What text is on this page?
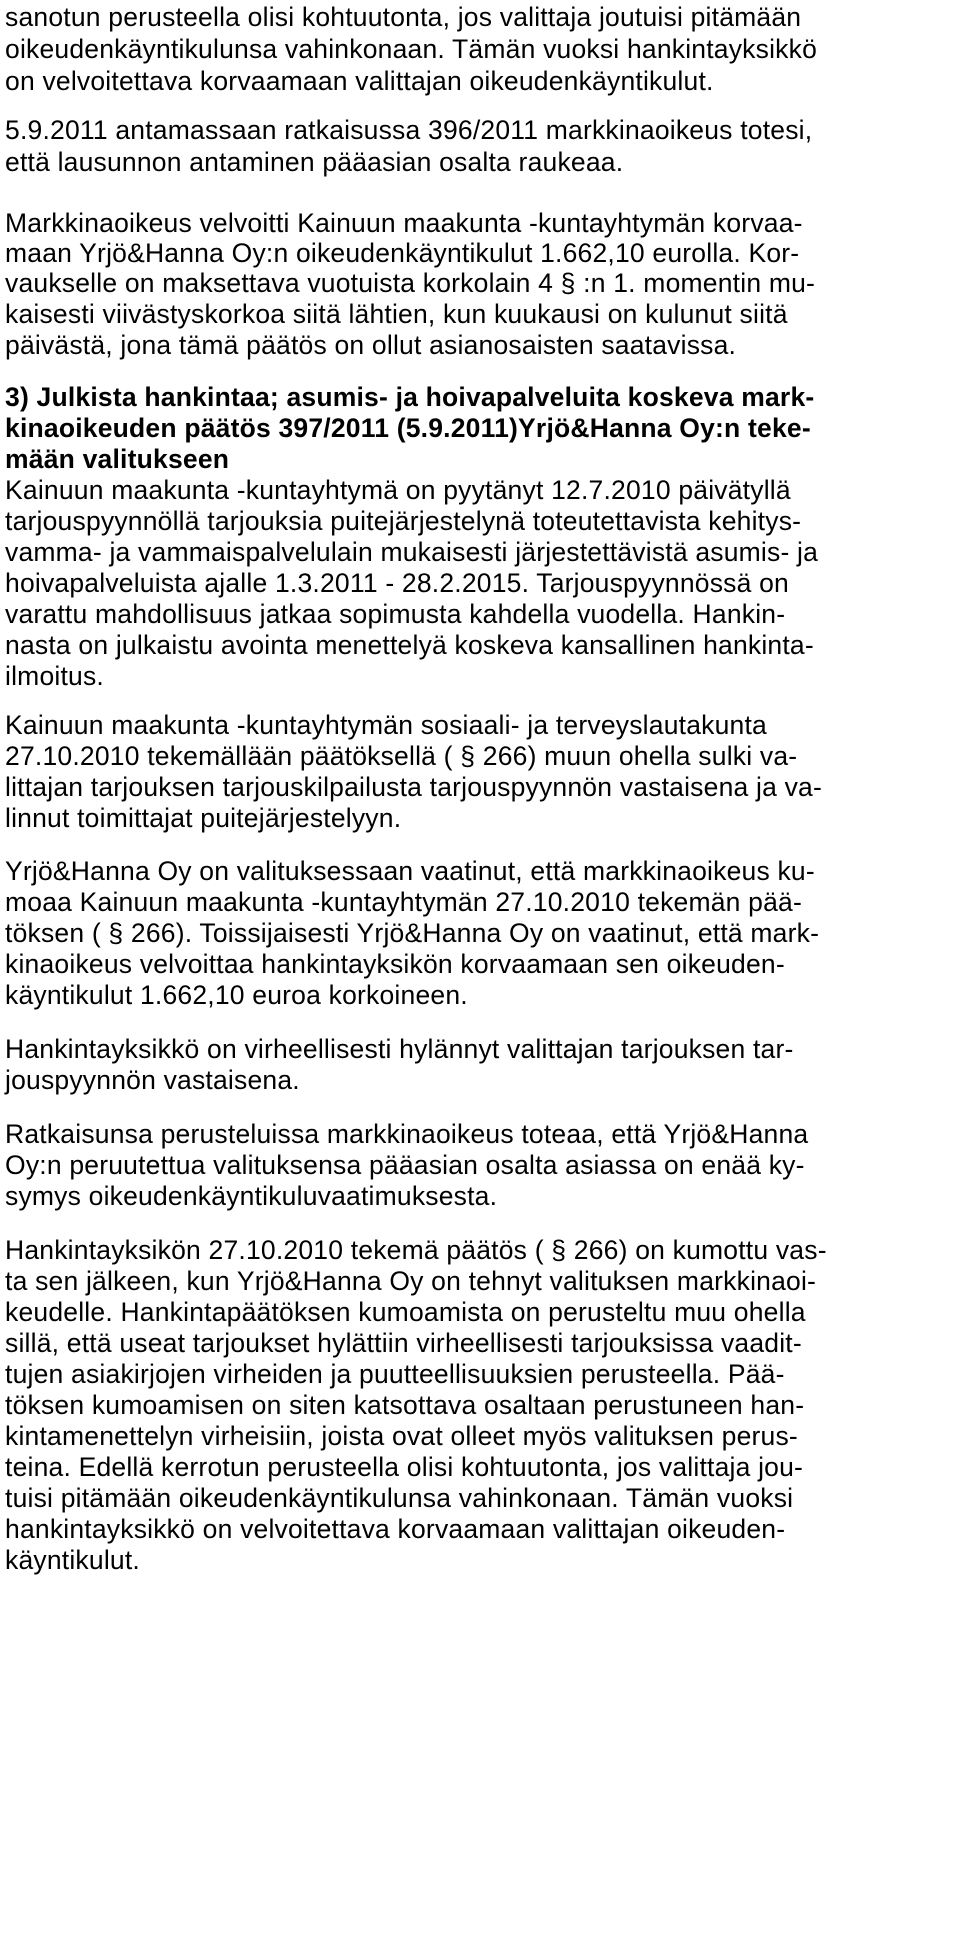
sanotun perusteella olisi kohtuutonta, jos valittaja joutuisi pitämään
oikeudenkäyntikulunsa vahinkonaan. Tämän vuoksi hankintayksikkö
on velvoitettava korvaamaan valittajan oikeudenkäyntikulut.
5.9.2011 antamassaan ratkaisussa 396/2011 markkinaoikeus totesi,
että lausunnon antaminen pääasian osalta raukeaa.
Markkinaoikeus velvoitti Kainuun maakunta -kuntayhtymän korvaa-
maan Yrjö&Hanna Oy:n oikeudenkäyntikulut 1.662,10 eurolla. Kor-
vaukselle on maksettava vuotuista korkolain 4 § :n 1. momentin mu-
kaisesti viivästyskorkoa siitä lähtien, kun kuukausi on kulunut siitä
päivästä, jona tämä päätös on ollut asianosaisten saatavissa.
3) Julkista hankintaa; asumis- ja hoivapalveluita koskeva mark-
kinaoikeuden päätös 397/2011 (5.9.2011)Yrjö&Hanna Oy:n teke-
mään valitukseen
Kainuun maakunta -kuntayhtymä on pyytänyt 12.7.2010 päivätyllä
tarjouspyynnöllä tarjouksia puitejärjestelynä toteutettavista kehitys-
vamma- ja vammaispalvelulain mukaisesti järjestettävistä asumis- ja
hoivapalveluista ajalle 1.3.2011 - 28.2.2015. Tarjouspyynnössä on
varattu mahdollisuus jatkaa sopimusta kahdella vuodella. Hankin-
nasta on julkaistu avointa menettelyä koskeva kansallinen hankinta-
ilmoitus.
Kainuun maakunta -kuntayhtymän sosiaali- ja terveyslautakunta
27.10.2010 tekemällään päätöksellä ( § 266) muun ohella sulki va-
littajan tarjouksen tarjouskilpailusta tarjouspyynnön vastaisena ja va-
linnut toimittajat puitejärjestelyyn.
Yrjö&Hanna Oy on valituksessaan vaatinut, että markkinaoikeus ku-
moaa Kainuun maakunta -kuntayhtymän 27.10.2010 tekemän pää-
töksen ( § 266). Toissijaisesti Yrjö&Hanna Oy on vaatinut, että mark-
kinaoikeus velvoittaa hankintayksikön korvaamaan sen oikeuden-
käyntikulut 1.662,10 euroa korkoineen.
Hankintayksikkö on virheellisesti hylännyt valittajan tarjouksen tar-
jouspyynnön vastaisena.
Ratkaisunsa perusteluissa markkinaoikeus toteaa, että Yrjö&Hanna
Oy:n peruutettua valituksensa pääasian osalta asiassa on enää ky-
symys oikeudenkäyntikuluvaatimuksesta.
Hankintayksikön 27.10.2010 tekemä päätös ( § 266) on kumottu vas-
ta sen jälkeen, kun Yrjö&Hanna Oy on tehnyt valituksen markkinaoi-
keudelle. Hankintapäätöksen kumoamista on perusteltu muu ohella
sillä, että useat tarjoukset hylättiin virheellisesti tarjouksissa vaadit-
tujen asiakirjojen virheiden ja puutteellisuuksien perusteella. Pää-
töksen kumoamisen on siten katsottava osaltaan perustuneen han-
kintamenettelyn virheisiin, joista ovat olleet myös valituksen perus-
teina. Edellä kerrotun perusteella olisi kohtuutonta, jos valittaja jou-
tuisi pitämään oikeudenkäyntikulunsa vahinkonaan. Tämän vuoksi
hankintayksikkö on velvoitettava korvaamaan valittajan oikeuden-
käyntikulut.
